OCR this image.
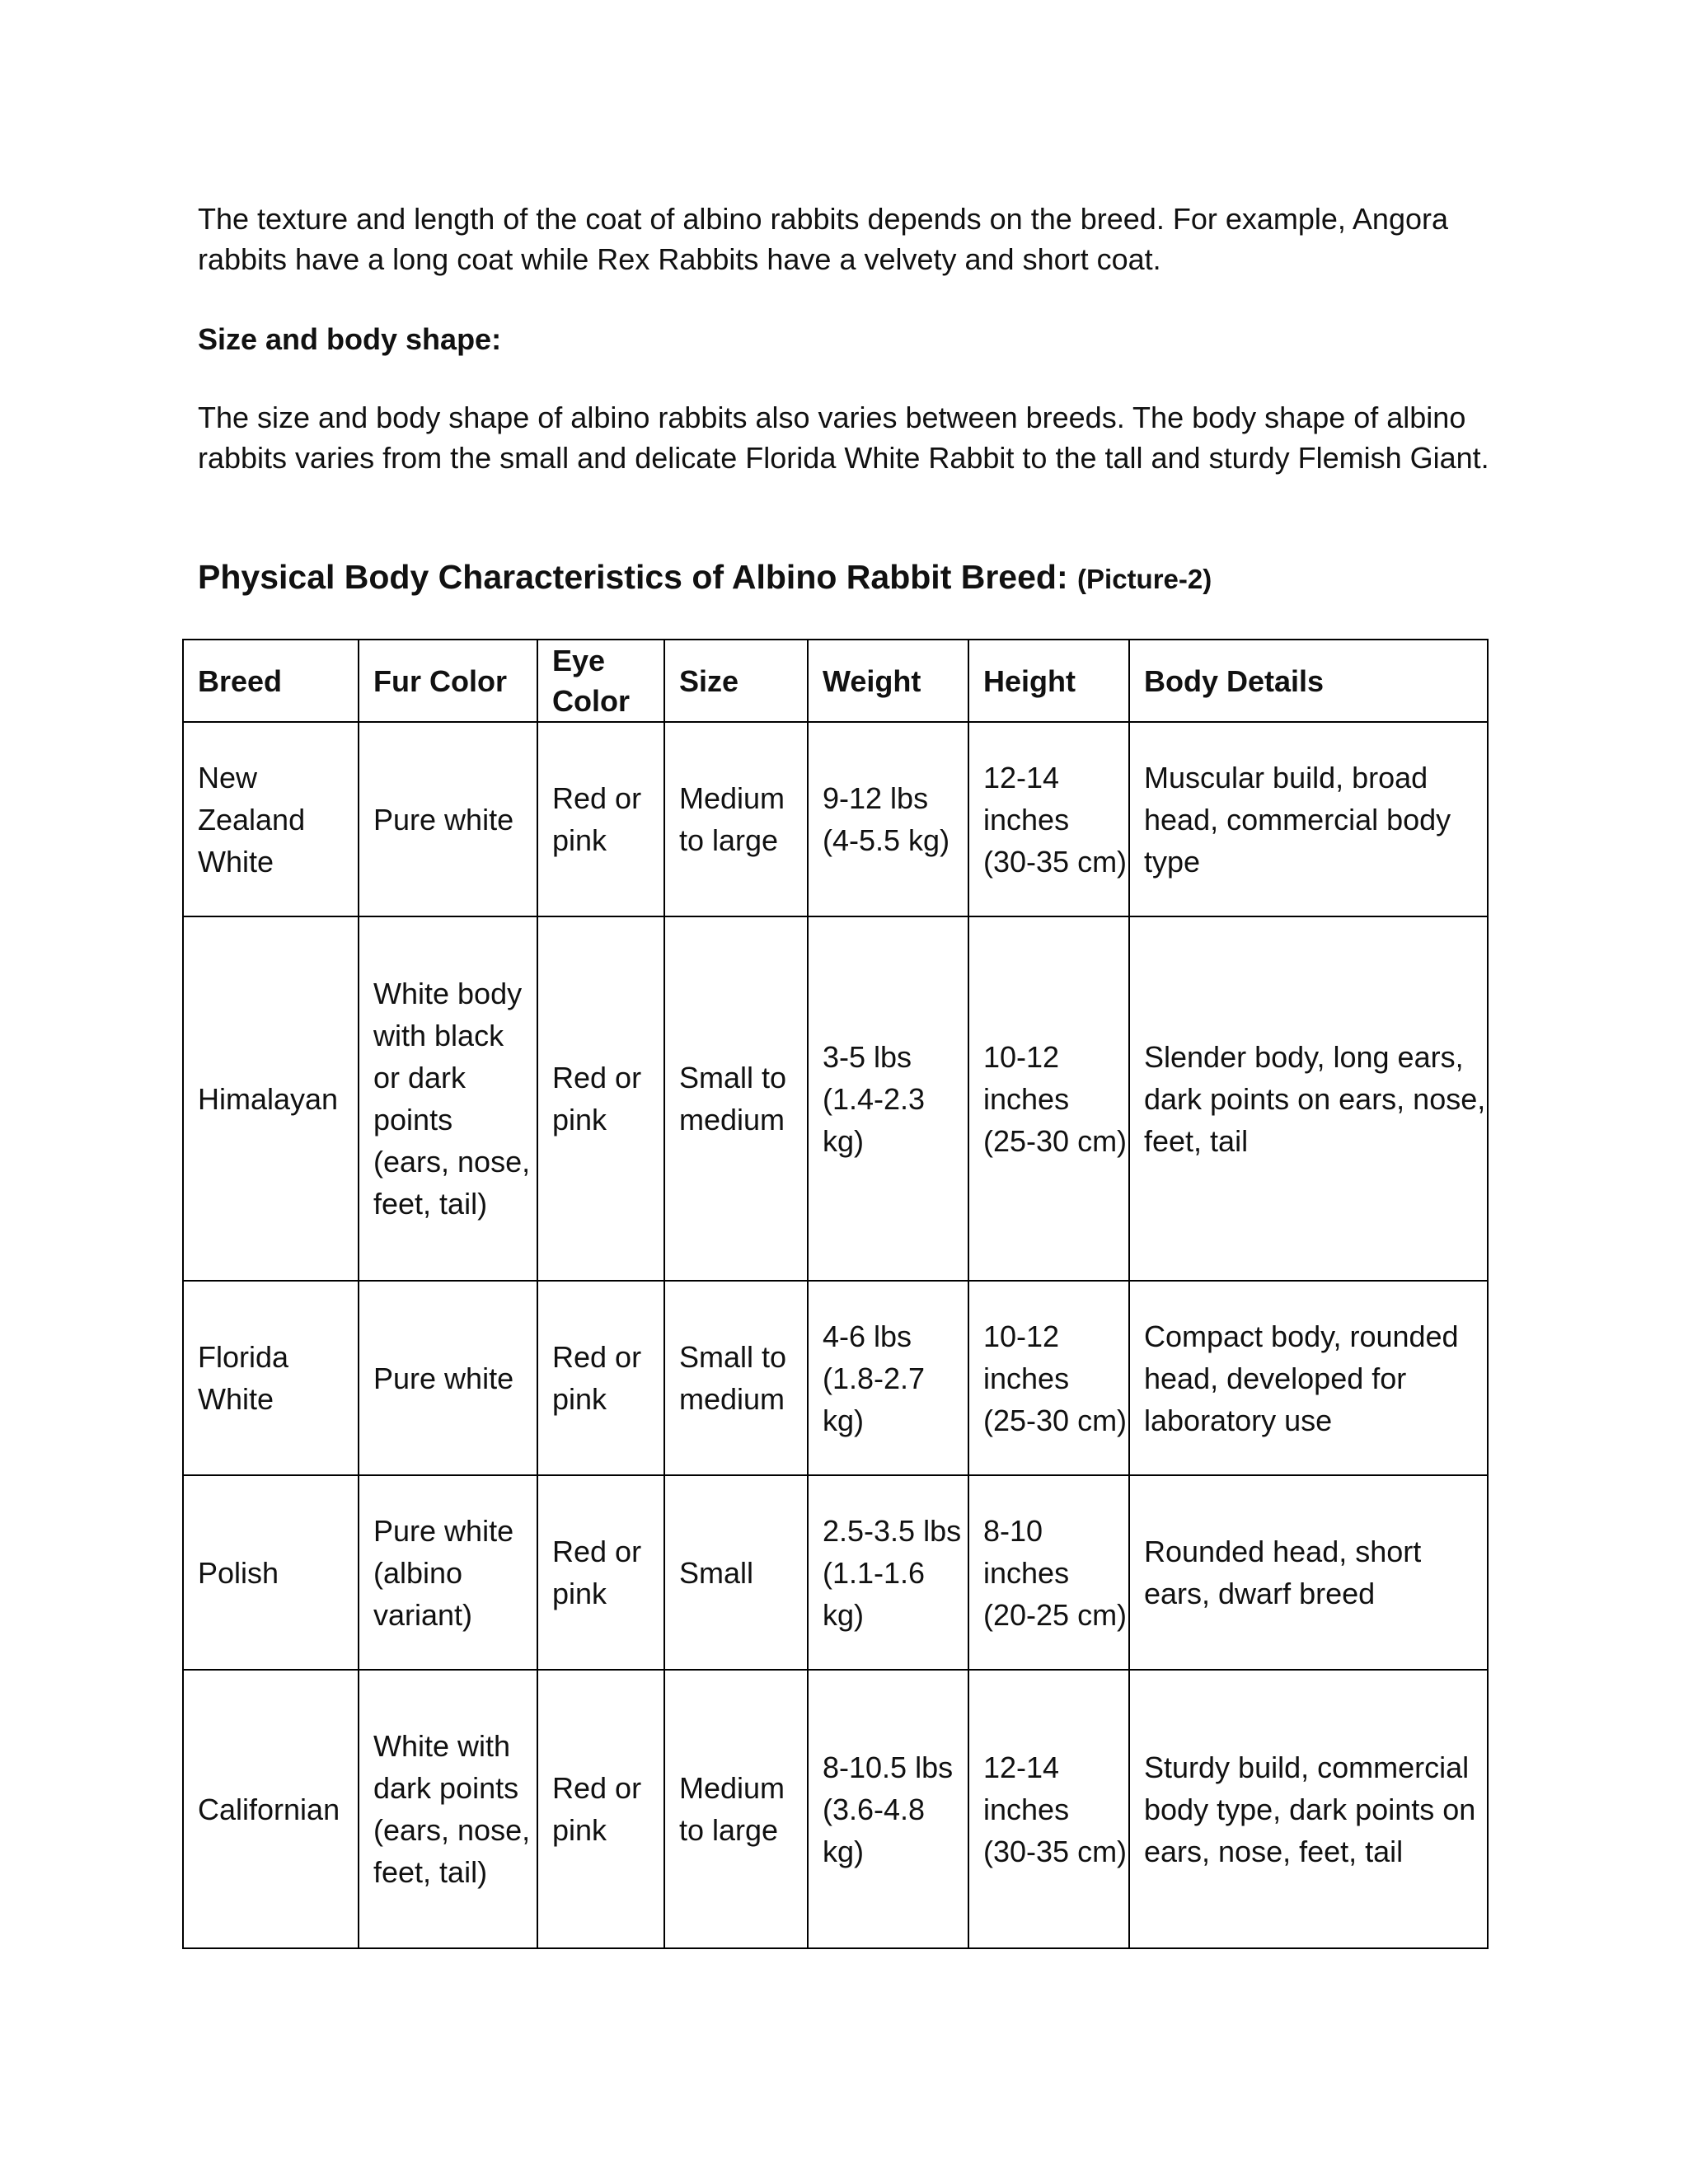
The texture and length of the coat of albino rabbits depends on the breed. For example, Angora rabbits have a long coat while Rex Rabbits have a velvety and short coat.

Size and body shape:

The size and body shape of albino rabbits also varies between breeds. The body shape of albino rabbits varies from the small and delicate Florida White Rabbit to the tall and sturdy Flemish Giant.

Physical Body Characteristics of Albino Rabbit Breed: (Picture-2)
Breed	Fur Color	Eye Color	Size	Weight	Height	Body Details
New Zealand White	Pure white	Red or pink	Medium to large	9-12 lbs (4-5.5 kg)	12-14 inches (30-35 cm)	Muscular build, broad head, commercial body type
Himalayan	White body with black or dark points (ears, nose, feet, tail)	Red or pink	Small to medium	3-5 lbs (1.4-2.3 kg)	10-12 inches (25-30 cm)	Slender body, long ears, dark points on ears, nose, feet, tail
Florida White	Pure white	Red or pink	Small to medium	4-6 lbs (1.8-2.7 kg)	10-12 inches (25-30 cm)	Compact body, rounded head, developed for laboratory use
Polish	Pure white (albino variant)	Red or pink	Small	2.5-3.5 lbs (1.1-1.6 kg)	8-10 inches (20-25 cm)	Rounded head, short ears, dwarf breed
Californian	White with dark points (ears, nose, feet, tail)	Red or pink	Medium to large	8-10.5 lbs (3.6-4.8 kg)	12-14 inches (30-35 cm)	Sturdy build, commercial body type, dark points on ears, nose, feet, tail
